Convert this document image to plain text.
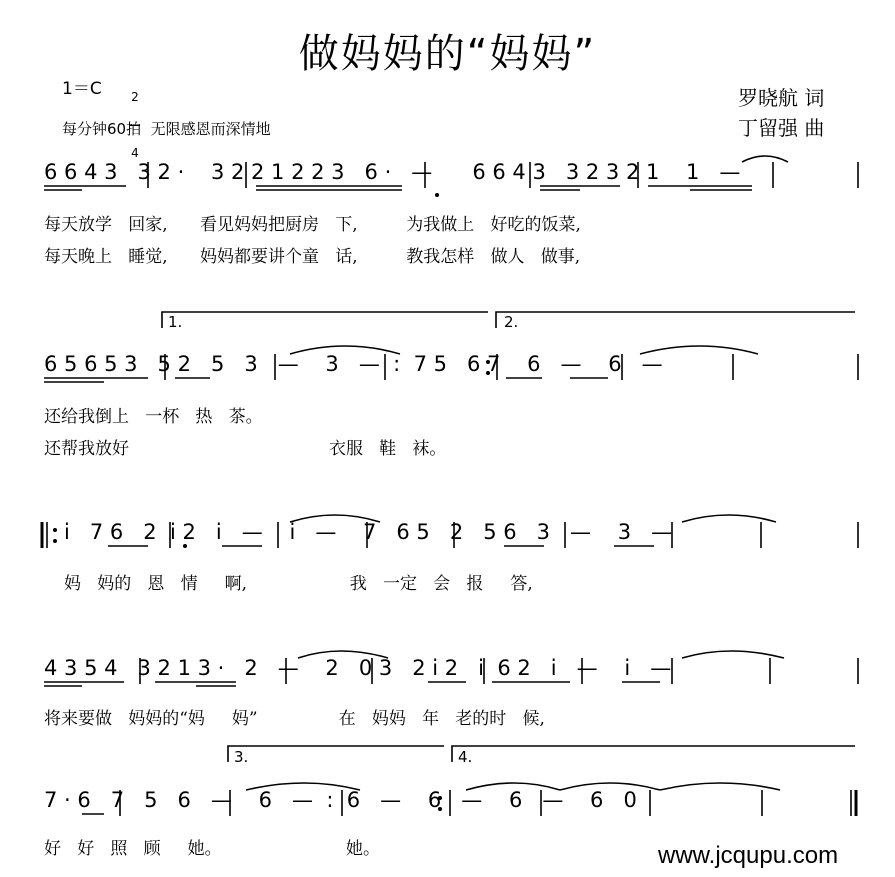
做妈妈的“妈妈”
1＝C

2

4

每分钟60拍  无限感恩而深情地
罗晓航 词
丁留强 曲
1.	2.
3.	4.
6 6 4 3   3 2 ·    3 2 2 1 2 2 3   6 ·   —      6 6 4 3   3 2 3 2 1    1   —
每天放学   回家,      看见妈妈把厨房   下,         为我做上   好吃的饭菜,
每天晚上   睡觉,      妈妈都要讲个童   话,         教我怎样   做人   做事,
6 5 6 5 3   5 2   5   3   —    3   —  :  7 5   6 7    6   —    6   —
还给我倒上   一杯   热   茶。
还帮我放好                                     衣服   鞋   袜。
i   7 6   2  i 2   i   —    i   —    7   6 5   2   5 6   3   —    3   —
妈   妈的   恩   情     啊,                   我   一定   会   报     答,
4 3 5 4   3 2 1 3 ·   2   —    2   0 3   2 i 2   i  6 2   i   —    i   —
将来要做   妈妈的“妈     妈”               在   妈妈   年   老的时   候,
7 · 6   7   5   6   —    6   —  :  6   —    6   —    6   —    6   0
好   好   照   顾     她。                       她。	www.jcqupu.com
